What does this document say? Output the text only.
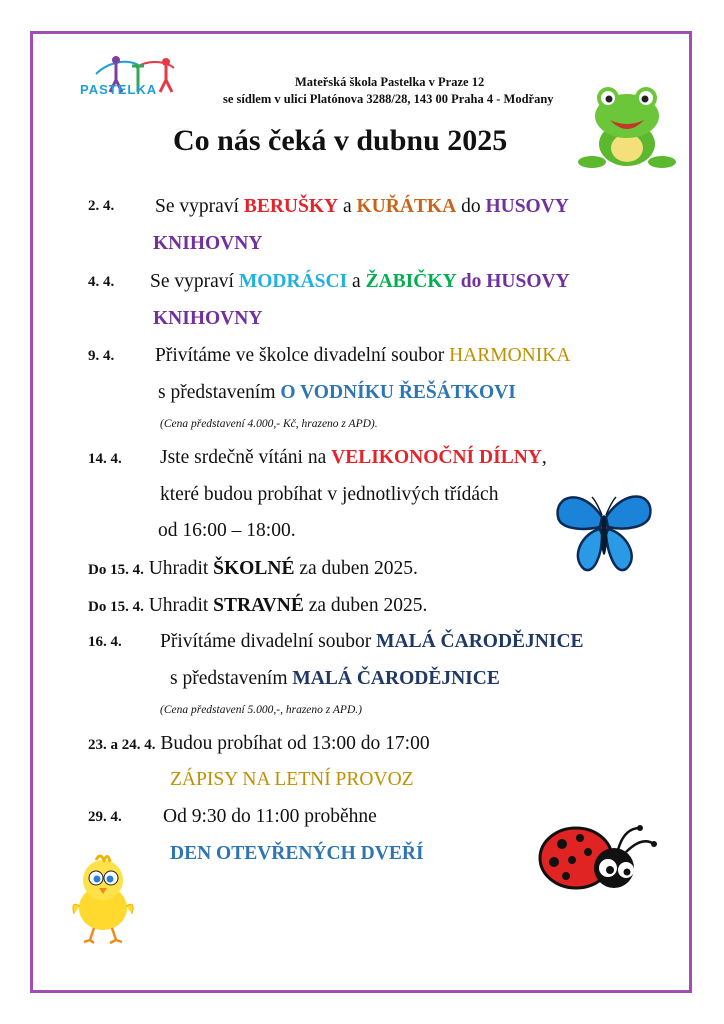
PASTELKA	Mateřská škola Pastelka v Praze 12
se sídlem v ulici Platónova 3288/28, 143 00 Praha 4 - Modřany
Co nás čeká v dubnu 2025
2. 4. Se vypraví BERUŠKY a KUŘÁTKA do HUSOVY
KNIHOVNY
4. 4. Se vypraví MODRÁSCI a ŽABIČKY do HUSOVY
KNIHOVNY
9. 4. Přivítáme ve školce divadelní soubor HARMONIKA
s představením O VODNÍKU ŘEŠÁTKOVI
(Cena představení 4.000,- Kč, hrazeno z APD).
14. 4. Jste srdečně vítáni na VELIKONOČNÍ DÍLNY,
které budou probíhat v jednotlivých třídách
od 16:00 – 18:00.
Do 15. 4. Uhradit ŠKOLNÉ za duben 2025.
Do 15. 4. Uhradit STRAVNÉ za duben 2025.
16. 4. Přivítáme divadelní soubor MALÁ ČARODĚJNICE
s představením MALÁ ČARODĚJNICE
(Cena představení 5.000,-, hrazeno z APD.)
23. a 24. 4. Budou probíhat od 13:00 do 17:00
ZÁPISY NA LETNÍ PROVOZ
29. 4. Od 9:30 do 11:00 proběhne
DEN OTEVŘENÝCH DVEŘÍ
